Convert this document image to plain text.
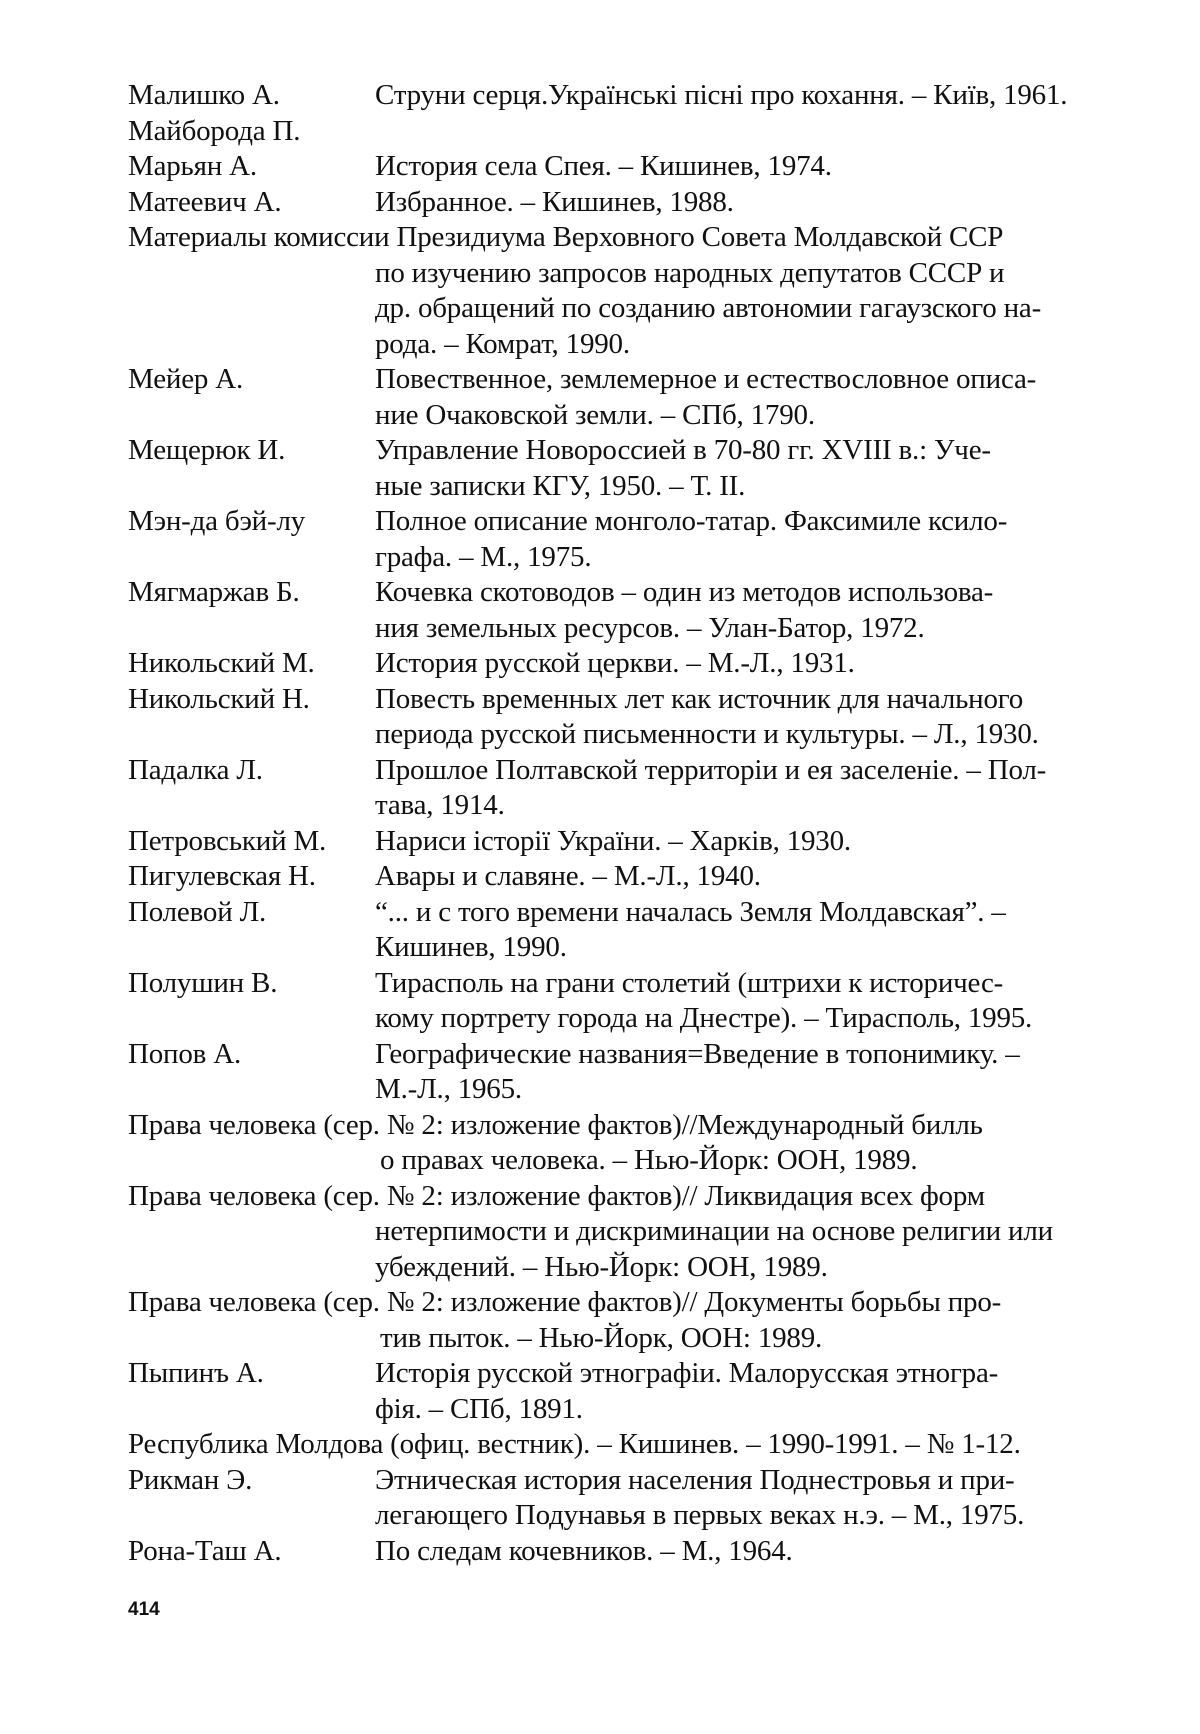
Малишко А.	Струни серця.Українські пісні про кохання. – Київ, 1961.
Майборода П.
Марьян А.	История села Спея. – Кишинев, 1974.
Матеевич А.	Избранное. – Кишинев, 1988.
Материалы комиссии Президиума Верховного Совета Молдавской ССР
по изучению запросов народных депутатов СССР и
др. обращений по созданию автономии гагаузского на-
рода. – Комрат, 1990.
Мейер А.	Повественное, землемерное и естествословное описа-
ние Очаковской земли. – СПб, 1790.
Мещерюк И.	Управление Новороссией в 70-80 гг. XVIII в.: Уче-
ные записки КГУ, 1950. – Т. II.
Мэн-да бэй-лу	Полное описание монголо-татар. Факсимиле ксило-
графа. – М., 1975.
Мягмаржав Б.	Кочевка скотоводов – один из методов использова-
ния земельных ресурсов. – Улан-Батор, 1972.
Никольский М.	История русской церкви. – М.-Л., 1931.
Никольский Н.	Повесть временных лет как источник для начального
периода русской письменности и культуры. – Л., 1930.
Падалка Л.	Прошлое Полтавской территорiи и ея заселенiе. – Пол-
тава, 1914.
Петровський М.	Нариси історії України. – Харків, 1930.
Пигулевская Н.	Авары и славяне. – М.-Л., 1940.
Полевой Л.	“... и с того времени началась Земля Молдавская”. –
Кишинев, 1990.
Полушин В.	Тирасполь на грани столетий (штрихи к историчес-
кому портрету города на Днестре). – Тирасполь, 1995.
Попов А.	Географические названия=Введение в топонимику. –
М.-Л., 1965.
Права человека (сер. № 2: изложение фактов)//Международный билль
о правах человека. – Нью-Йорк: ООН, 1989.
Права человека (сер. № 2: изложение фактов)// Ликвидация всех форм
нетерпимости и дискриминации на основе религии или
убеждений. – Нью-Йорк: ООН, 1989.
Права человека (сер. № 2: изложение фактов)// Документы борьбы про-
тив пыток. – Нью-Йорк, ООН: 1989.
Пыпинъ А.	Исторiя русской этнографiи. Малорусская этногра-
фiя. – СПб, 1891.
Республика Молдова (офиц. вестник). – Кишинев. – 1990-1991. – № 1-12.
Рикман Э.	Этническая история населения Поднестровья и при-
легающего Подунавья в первых веках н.э. – М., 1975.
Рона-Таш А.	По следам кочевников. – М., 1964.
414
